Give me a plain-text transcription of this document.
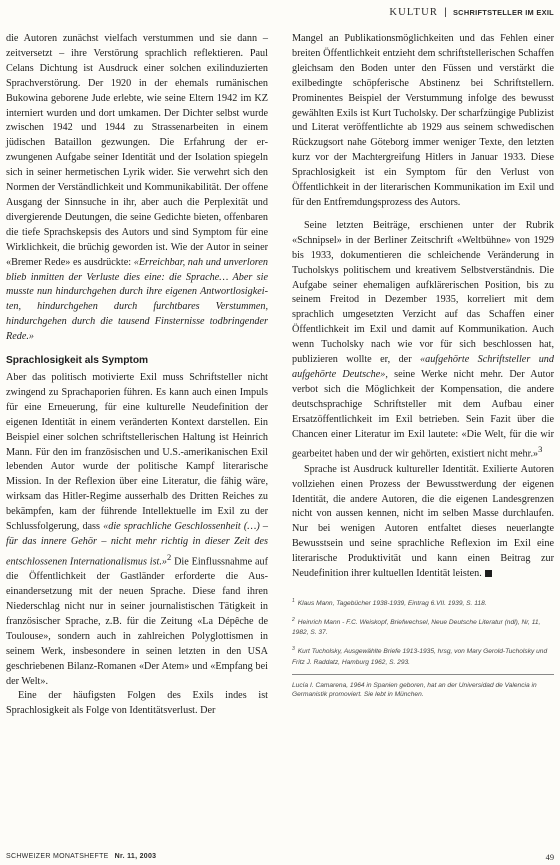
KULTUR | SCHRIFTSTELLER IM EXIL

die Autoren zunächst vielfach verstummen und sie dann – zeitversetzt – ihre Verstörung sprachlich reflektieren. Paul Celans Dichtung ist Ausdruck einer solchen exilinduzierten Sprachverstörung. Der 1920 in der ehemals rumänischen Bukowina geborene Jude erlebte, wie seine Eltern 1942 im KZ interniert wurden und dort umkamen. Der Dichter selbst wurde zwischen 1942 und 1944 zu Strassenarbeiten in einem jüdischen Bataillon gezwungen. Die Erfahrung der erzwungenen Aufgabe seiner Identität und der Isolation spiegeln sich in seiner hermetischen Lyrik wider. Sie verwehrt sich den Normen der Verständlichkeit und Kommunikabilität. Der offene Ausgang der Sinnsuche in ihr, aber auch die Perplexität und divergierende Deutungen, die seine Gedichte bieten, offenbaren die tiefe Sprachskepsis des Autors und sind Symptom für eine Wirklichkeit, die brüchig geworden ist. Wie der Autor in seiner «Bremer Rede» es ausdrückte: «Erreichbar, nah und unverloren blieb inmitten der Verluste dies eine: die Sprache… Aber sie musste nun hindurchgehen durch ihre eigenen Antwortlosigkeiten, hindurchgehen durch furchtbares Verstummen, hindurchgehen durch die tausend Finsternisse todbringender Rede.»

Sprachlosigkeit als Symptom

Aber das politisch motivierte Exil muss Schriftsteller nicht zwingend zu Sprachaporien führen. Es kann auch einen Impuls für eine Erneuerung, für eine kulturelle Neudefinition der eigenen Identität in einem veränderten Kontext darstellen. Ein Beispiel einer solchen schriftstellerischen Haltung ist Heinrich Mann. Für den im französischen und U.S.-amerikanischen Exil lebenden Autor wurde der politische Kampf literarische Mission. In der Reflexion über eine Literatur, die fähig wäre, wirksam das Hitler-Regime ausserhalb des Dritten Reiches zu bekämpfen, kam der führende Intellektuelle im Exil zu der Schlussfolgerung, dass «die sprachliche Geschlossenheit (…) – für das innere Gehör – nicht mehr richtig in dieser Zeit des entschlossenen Internationalismus ist.»$^2$ Die Einflussnahme auf die Öffentlichkeit der Gastländer erforderte die Auseinandersetzung mit der neuen Sprache. Diese fand ihren Niederschlag nicht nur in seiner journalistischen Tätigkeit in französischer Sprache, z.B. für die Zeitung «La Dépêche de Toulouse», sondern auch in zahlreichen Polyglottismen in seinem Werk, insbesondere in seinen letzten in den USA geschriebenen Bilanz-Romanen «Der Atem» und «Empfang bei der Welt».

Eine der häufigsten Folgen des Exils indes ist Sprachlosigkeit als Folge von Identitätsverlust. Der

Mangel an Publikationsmöglichkeiten und das Fehlen einer breiten Öffentlichkeit entzieht dem schriftstellerischen Schaffen gleichsam den Boden unter den Füssen und verstärkt die exilbedingte schöpferische Abstinenz bei Schriftstellern. Prominentes Beispiel der Verstummung infolge des bewusst gewählten Exils ist Kurt Tucholsky. Der scharfzüngige Publizist und Literat veröffentlichte ab 1929 aus seinem schwedischen Rückzugsort nahe Göteborg immer weniger Texte, den letzten kurz vor der Machtergreifung Hitlers in Januar 1933. Diese Sprachlosigkeit ist ein Symptom für den Verlust von Öffentlichkeit in der literarischen Kommunikation im Exil und für den Entfremdungsprozess des Autors.

Seine letzten Beiträge, erschienen unter der Rubrik «Schnipsel» in der Berliner Zeitschrift «Weltbühne» von 1929 bis 1933, dokumentieren die schleichende Veränderung in Tucholskys politischem und kreativem Selbstverständnis. Die Aufgabe seiner ehemaligen aufklärerischen Position, bis zu seinem Freitod in Dezember 1935, korreliert mit dem sprachlich umgesetzten Verzicht auf das Schaffen einer Öffentlichkeit im Exil und damit auf Kommunikation. Auch wenn Tucholsky nach wie vor für sich beschlossen hat, publizieren wollte er, der «aufgehörte Schriftsteller und aufgehörte Deutsche», seine Werke nicht mehr. Der Autor verbot sich die Möglichkeit der Kompensation, die andere deutschsprachige Schriftsteller mit dem Aufbau einer Ersatzöffentlichkeit im Exil betrieben. Sein Fazit über die Chancen einer Literatur im Exil lautete: «Die Welt, für die wir gearbeitet haben und der wir gehörten, existiert nicht mehr.»$^3$

Sprache ist Ausdruck kultureller Identität. Exilierte Autoren vollziehen einen Prozess der Bewusstwerdung der eigenen Identität, die andere Autoren, die die eigenen Landesgrenzen nicht von aussen kennen, nicht im selben Masse durchlaufen. Nur bei wenigen Autoren entfaltet dieses neuerlangte Bewusstsein und seine sprachliche Reflexion im Exil eine literarische Produktivität und kann einen Beitrag zur Neudefinition ihrer kultuellen Identität leisten.

$^1$ Klaus Mann, Tagebücher 1938-1939, Eintrag 6.VII. 1939, S. 118.

$^2$ Heinrich Mann - F.C. Weiskopf, Briefwechsel, Neue Deutsche Literatur (ndl), Nr, 11, 1982, S. 37.

$^3$ Kurt Tucholsky, Ausgewählte Briefe 1913-1935, hrsg, von Mary Gerold-Tucholsky und Fritz J. Raddatz, Hamburg 1962, S. 293.

Lucía I. Camarena, 1964 in Spanien geboren, hat an der Universidad de Valencia in Germanistik promoviert. Sie lebt in München.

SCHWEIZER MONATSHEFTE Nr. 11, 2003	49
